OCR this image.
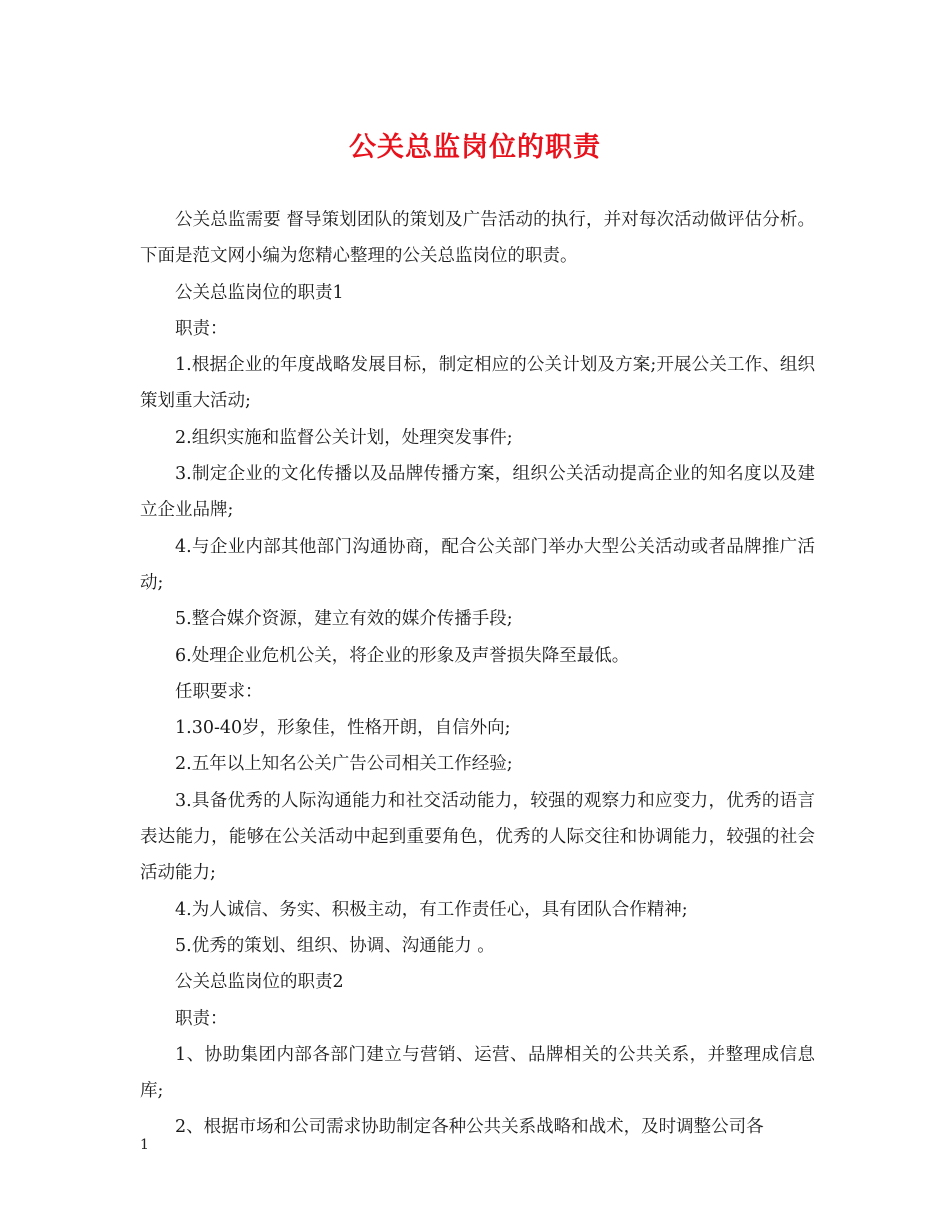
公关总监岗位的职责

公关总监需要 督导策划团队的策划及广告活动的执行，并对每次活动做评估分析。下面是范文网小编为您精心整理的公关总监岗位的职责。

公关总监岗位的职责1

职责：

1.根据企业的年度战略发展目标，制定相应的公关计划及方案;开展公关工作、组织策划重大活动;

2.组织实施和监督公关计划，处理突发事件;

3.制定企业的文化传播以及品牌传播方案，组织公关活动提高企业的知名度以及建立企业品牌;

4.与企业内部其他部门沟通协商，配合公关部门举办大型公关活动或者品牌推广活动;

5.整合媒介资源，建立有效的媒介传播手段;

6.处理企业危机公关，将企业的形象及声誉损失降至最低。

任职要求：

1.30-40岁，形象佳，性格开朗，自信外向;

2.五年以上知名公关广告公司相关工作经验;

3.具备优秀的人际沟通能力和社交活动能力，较强的观察力和应变力，优秀的语言表达能力，能够在公关活动中起到重要角色，优秀的人际交往和协调能力，较强的社会活动能力;

4.为人诚信、务实、积极主动，有工作责任心，具有团队合作精神;

5.优秀的策划、组织、协调、沟通能力 。

公关总监岗位的职责2

职责：

1、协助集团内部各部门建立与营销、运营、品牌相关的公共关系，并整理成信息库;

2、根据市场和公司需求协助制定各种公共关系战略和战术，及时调整公司各

1
